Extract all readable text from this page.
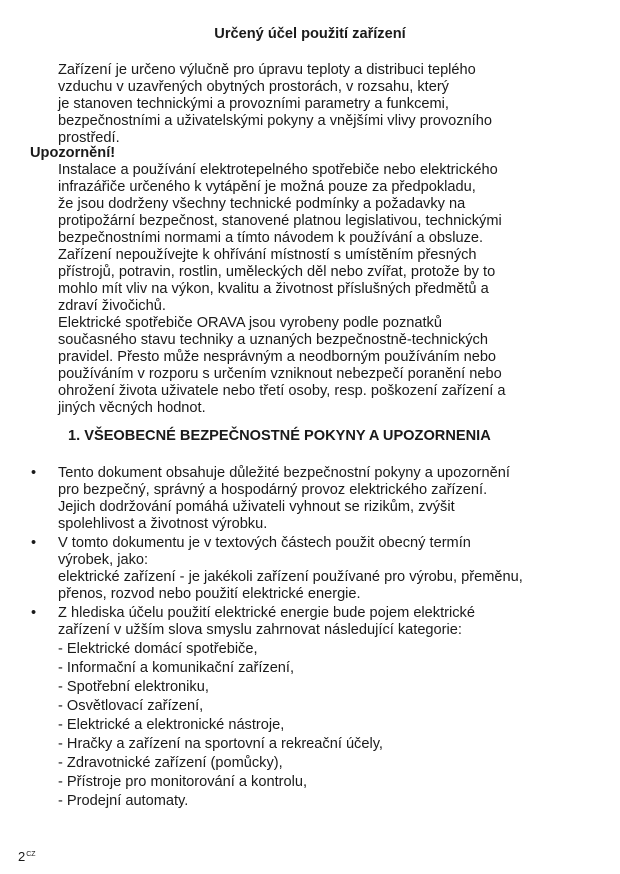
Určený účel použití zařízení
Zařízení je určeno výlučně pro úpravu teploty a distribuci teplého
vzduchu v uzavřených obytných prostorách, v rozsahu, který
je stanoven technickými a provozními parametry a funkcemi,
bezpečnostními a uživatelskými pokyny a vnějšími vlivy provozního
prostředí.
Upozornění!
Instalace a používání elektrotepelného spotřebiče nebo elektrického
infrazářiče určeného k vytápění je možná pouze za předpokladu,
že jsou dodrženy všechny technické podmínky a požadavky na
protipožární bezpečnost, stanovené platnou legislativou, technickými
bezpečnostními normami a tímto návodem k používání a obsluze.
Zařízení nepoužívejte k ohřívání místností s umístěním přesných
přístrojů, potravin, rostlin, uměleckých děl nebo zvířat, protože by to
mohlo mít vliv na výkon, kvalitu a životnost příslušných předmětů a
zdraví živočichů.
Elektrické spotřebiče ORAVA jsou vyrobeny podle poznatků
současného stavu techniky a uznaných bezpečnostně-technických
pravidel. Přesto může nesprávným a neodborným používáním nebo
používáním v rozporu s určením vzniknout nebezpečí poranění nebo
ohrožení života uživatele nebo třetí osoby, resp. poškození zařízení a
jiných věcných hodnot.
1. VŠEOBECNÉ BEZPEČNOSTNÉ POKYNY A UPOZORNENIA
• Tento dokument obsahuje důležité bezpečnostní pokyny a upozornění
pro bezpečný, správný a hospodárný provoz elektrického zařízení.
Jejich dodržování pomáhá uživateli vyhnout se rizikům, zvýšit
spolehlivost a životnost výrobku.
• V tomto dokumentu je v textových částech použit obecný termín
výrobek, jako:
elektrické zařízení - je jakékoli zařízení používané pro výrobu, přeměnu,
přenos, rozvod nebo použití elektrické energie.
• Z hlediska účelu použití elektrické energie bude pojem elektrické
zařízení v užším slova smyslu zahrnovat následující kategorie:
- Elektrické domácí spotřebiče,
- Informační a komunikační zařízení,
- Spotřební elektroniku,
- Osvětlovací zařízení,
- Elektrické a elektronické nástroje,
- Hračky a zařízení na sportovní a rekreační účely,
- Zdravotnické zařízení (pomůcky),
- Přístroje pro monitorování a kontrolu,
- Prodejní automaty.
$2^{CZ}$
